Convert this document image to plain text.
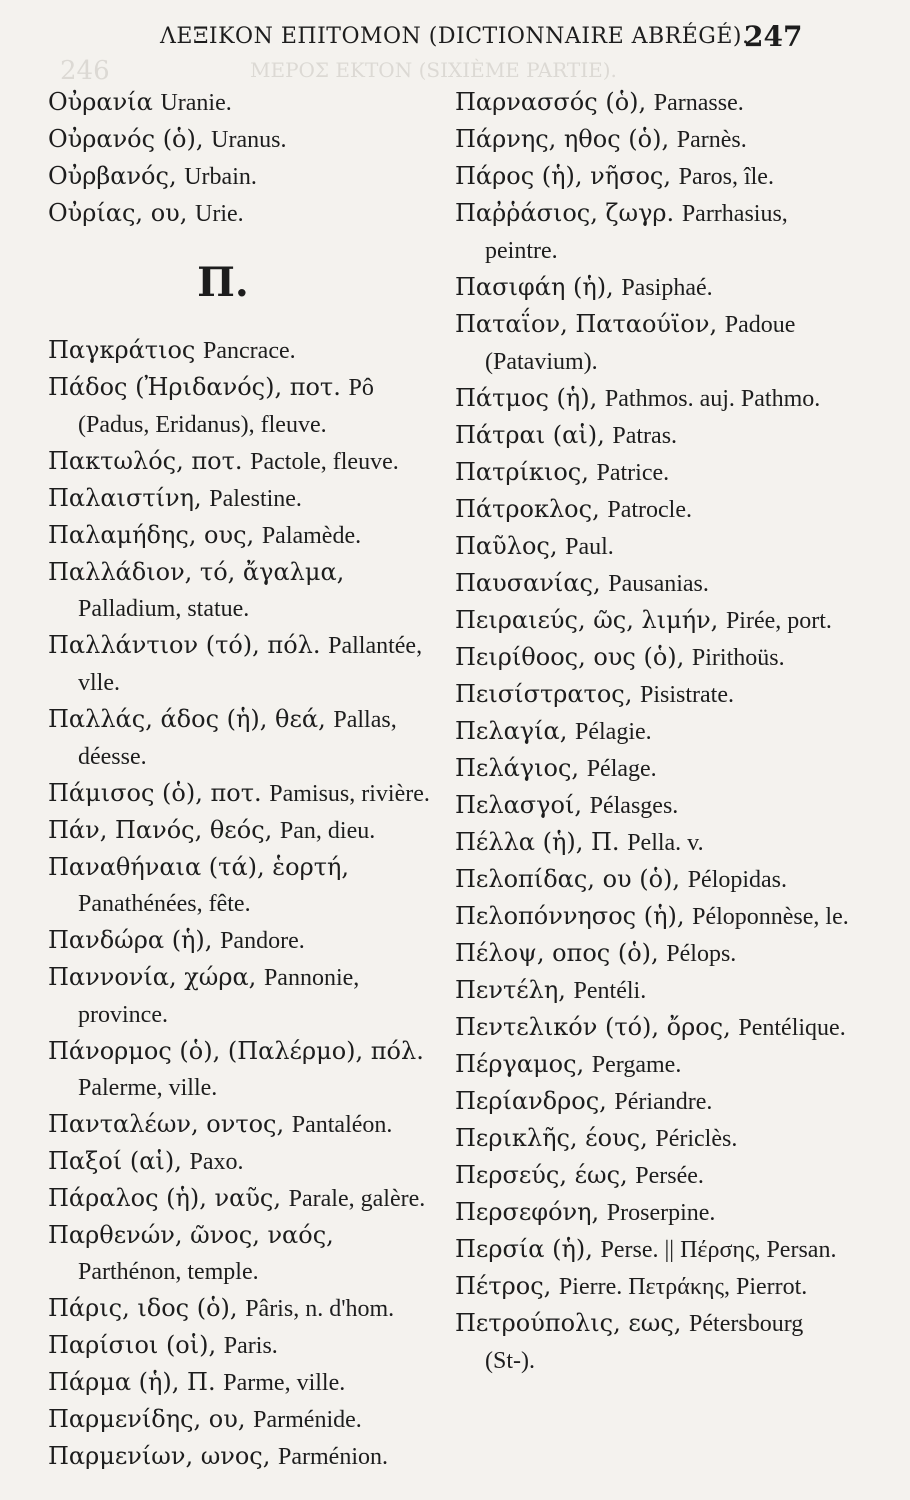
246	ΜΕΡΟΣ ΕΚΤΟΝ (SIXIÈME PARTIE).
ΛΕΞΙΚΟΝ ΕΠΙΤΟΜΟΝ (DICTIONNAIRE ABRÉGÉ).
247

Οὐρανία Uranie.

Οὐρανός (ὁ), Uranus.

Οὐρβανός, Urbain.

Οὐρίας, ου, Urie.

Π.

Παγκράτιος Pancrace.

Πάδος (Ἠριδανός), ποτ. Pô (Padus, Eridanus), fleuve.

Πακτωλός, ποτ. Pactole, fleuve.

Παλαιστίνη, Palestine.

Παλαμήδης, ους, Palamède.

Παλλάδιον, τό, ἄγαλμα, Palladium, statue.

Παλλάντιον (τό), πόλ. Pallantée, vlle.

Παλλάς, άδος (ἡ), θεά, Pallas, déesse.

Πάμισος (ὁ), ποτ. Pamisus, rivière.

Πάν, Πανός, θεός, Pan, dieu.

Παναθήναια (τά), ἑορτή, Panathénées, fête.

Πανδώρα (ἡ), Pandore.

Παννονία, χώρα, Pannonie, province.

Πάνορμος (ὁ), (Παλέρμο), πόλ. Palerme, ville.

Πανταλέων, οντος, Pantaléon.

Παξοί (αἱ), Paxo.

Πάραλος (ἡ), ναῦς, Parale, galère.

Παρθενών, ῶνος, ναός, Parthénon, temple.

Πάρις, ιδος (ὁ), Pâris, n. d'hom.

Παρίσιοι (οἱ), Paris.

Πάρμα (ἡ), Π. Parme, ville.

Παρμενίδης, ου, Parménide.

Παρμενίων, ωνος, Parménion.

Παρνασσός (ὁ), Parnasse.

Πάρνης, ηθος (ὁ), Parnès.

Πάρος (ἡ), νῆσος, Paros, île.

Παῤῥάσιος, ζωγρ. Parrhasius, peintre.

Πασιφάη (ἡ), Pasiphaé.

Παταΐον, Παταούϊον, Padoue (Patavium).

Πάτμος (ἡ), Pathmos. auj. Pathmo.

Πάτραι (αἱ), Patras.

Πατρίκιος, Patrice.

Πάτροκλος, Patrocle.

Παῦλος, Paul.

Παυσανίας, Pausanias.

Πειραιεύς, ῶς, λιμήν, Pirée, port.

Πειρίθοος, ους (ὁ), Pirithoüs.

Πεισίστρατος, Pisistrate.

Πελαγία, Pélagie.

Πελάγιος, Pélage.

Πελασγοί, Pélasges.

Πέλλα (ἡ), Π. Pella. v.

Πελοπίδας, ου (ὁ), Pélopidas.

Πελοπόννησος (ἡ), Péloponnèse, le.

Πέλοψ, οπος (ὁ), Pélops.

Πεντέλη, Pentéli.

Πεντελικόν (τό), ὄρος, Pentélique.

Πέργαμος, Pergame.

Περίανδρος, Périandre.

Περικλῆς, έους, Périclès.

Περσεύς, έως, Persée.

Περσεφόνη, Proserpine.

Περσία (ἡ), Perse. || Πέρσης, Persan.

Πέτρος, Pierre. Πετράκης, Pierrot.

Πετρούπολις, εως, Pétersbourg (St-).
